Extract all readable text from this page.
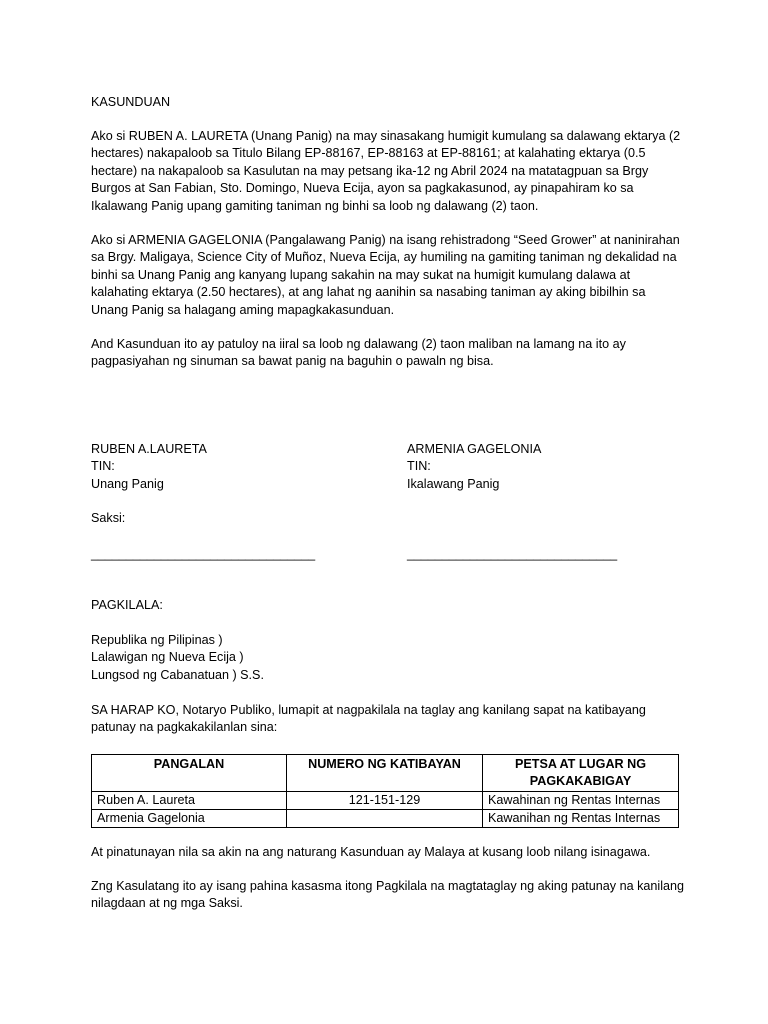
KASUNDUAN
Ako si RUBEN A. LAURETA (Unang Panig) na may sinasakang humigit kumulang sa dalawang ektarya (2
hectares) nakapaloob sa Titulo Bilang EP-88167, EP-88163 at EP-88161; at kalahating ektarya (0.5
hectare) na nakapaloob sa Kasulutan na may petsang ika-12 ng Abril 2024 na matatagpuan sa Brgy
Burgos at San Fabian, Sto. Domingo, Nueva Ecija, ayon sa pagkakasunod, ay pinapahiram ko sa
Ikalawang Panig upang gamiting taniman ng binhi sa loob ng dalawang (2) taon.
Ako si ARMENIA GAGELONIA (Pangalawang Panig) na isang rehistradong “Seed Grower” at naninirahan
sa Brgy. Maligaya, Science City of Muñoz, Nueva Ecija, ay humiling na gamiting taniman ng dekalidad na
binhi sa Unang Panig ang kanyang lupang sakahin na may sukat na humigit kumulang dalawa at
kalahating ektarya (2.50 hectares), at ang lahat ng aanihin sa nasabing taniman ay aking bibilhin sa
Unang Panig sa halagang aming mapagkakasunduan.
And Kasunduan ito ay patuloy na iiral sa loob ng dalawang (2) taon maliban na lamang na ito ay
pagpasiyahan ng sinuman sa bawat panig na baguhin o pawaln ng bisa.
RUBEN A.LAURETA
TIN:
Unang Panig
ARMENIA GAGELONIA
TIN:
Ikalawang Panig
Saksi:
________________________________	______________________________
PAGKILALA:
Republika ng Pilipinas )
Lalawigan ng Nueva Ecija )
Lungsod ng Cabanatuan ) S.S.
SA HARAP KO, Notaryo Publiko, lumapit at nagpakilala na taglay ang kanilang sapat na katibayang
patunay na pagkakakilanlan sina:
PANGALAN	NUMERO NG KATIBAYAN	PETSA AT LUGAR NG PAGKAKABIGAY
Ruben A. Laureta	121-151-129	Kawahinan ng Rentas Internas
Armenia Gagelonia		Kawanihan ng Rentas Internas
At pinatunayan nila sa akin na ang naturang Kasunduan ay Malaya at kusang loob nilang isinagawa.
Zng Kasulatang ito ay isang pahina kasasma itong Pagkilala na magtataglay ng aking patunay na kanilang
nilagdaan at ng mga Saksi.
